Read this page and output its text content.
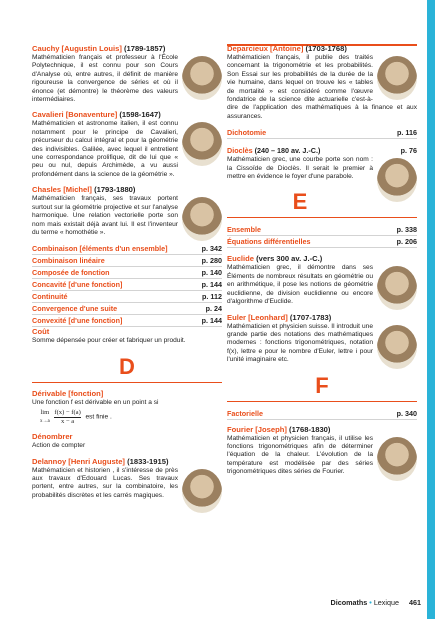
Cauchy [Augustin Louis] (1789-1857)
Mathématicien français et professeur à l'École Polytechnique, il est connu pour son Cours d'Analyse où, entre autres, il définit de manière rigoureuse la convergence de séries et où il énonce (et démontre) le théorème des valeurs intermédiaires.
Cavalieri [Bonaventure] (1598-1647)
Mathématicien et astronome italien, il est connu notamment pour le principe de Cavalieri, précurseur du calcul intégral et pour la géométrie des indivisibles. Galilée, avec lequel il entretient une correspondance prolifique, dit de lui que « peu ou nul, depuis Archimède, a vu aussi profondément dans la science de la géométrie ».
Chasles [Michel] (1793-1880)
Mathématicien français, ses travaux portent surtout sur la géométrie projective et sur l'analyse harmonique. Une relation vectorielle porte son nom mais existait déjà avant lui. Il est l'inventeur du terme « homothétie ».
Combinaison [éléments d'un ensemble]	p. 342
Combinaison linéaire	p. 280
Composée de fonction	p. 140
Concavité [d'une fonction]	p. 144
Continuité	p. 112
Convergence d'une suite	p. 24
Convexité [d'une fonction]	p. 144
Coût
Somme dépensée pour créer et fabriquer un produit.
D
Dérivable [fonction]
Une fonction f est dérivable en un point a si
lim
$x\to a \frac{f(x) - f(a)}{x - a}$ est finie .
Dénombrer
Action de compter
Delannoy [Henri Auguste] (1833-1915)
Mathématicien et historien , il s'intéresse de près aux travaux d'Edouard Lucas. Ses travaux portent, entre autres, sur la combinatoire, les probabilités discrètes et les carrés magiques.
Deparcieux [Antoine] (1703-1768)
Mathématicien français, il publie des traités concernant la trigonométrie et les probabilités. Son Essai sur les probabilités de la durée de la vie humaine, dans lequel on trouve les « tables de mortalité » est considéré comme l'œuvre fondatrice de la science dite actuarielle c'est-à-dire de l'application des mathématiques à la finance et aux assurances.
Dichotomie	p. 116
Dioclès (240 – 180 av. J.-C.)	p. 76
Mathématicien grec, une courbe porte son nom : la Cissoïde de Dioclès. Il serait le premier à mettre en évidence le foyer d'une parabole.
E
Ensemble	p. 338
Équations différentielles	p. 206
Euclide (vers 300 av. J.-C.)
Mathématicien grec, il démontre dans ses Éléments de nombreux résultats en géométrie ou en arithmétique, il pose les notions de géométrie euclidienne, de division euclidienne ou encore d'algorithme d'Euclide.
Euler [Leonhard] (1707-1783)
Mathématicien et physicien suisse. Il introduit une grande partie des notations des mathématiques modernes : fonctions trigonométriques, notation f(x), lettre e pour le nombre d'Euler, lettre i pour l'unité imaginaire etc.
F
Factorielle	p. 340
Fourier [Joseph] (1768-1830)
Mathématicien et physicien français, il utilise les fonctions trigonométriques afin de déterminer l'équation de la chaleur. L'évolution de la température est modélisée par des séries trigonométriques dites séries de Fourier.
Dicomaths • Lexique 461
